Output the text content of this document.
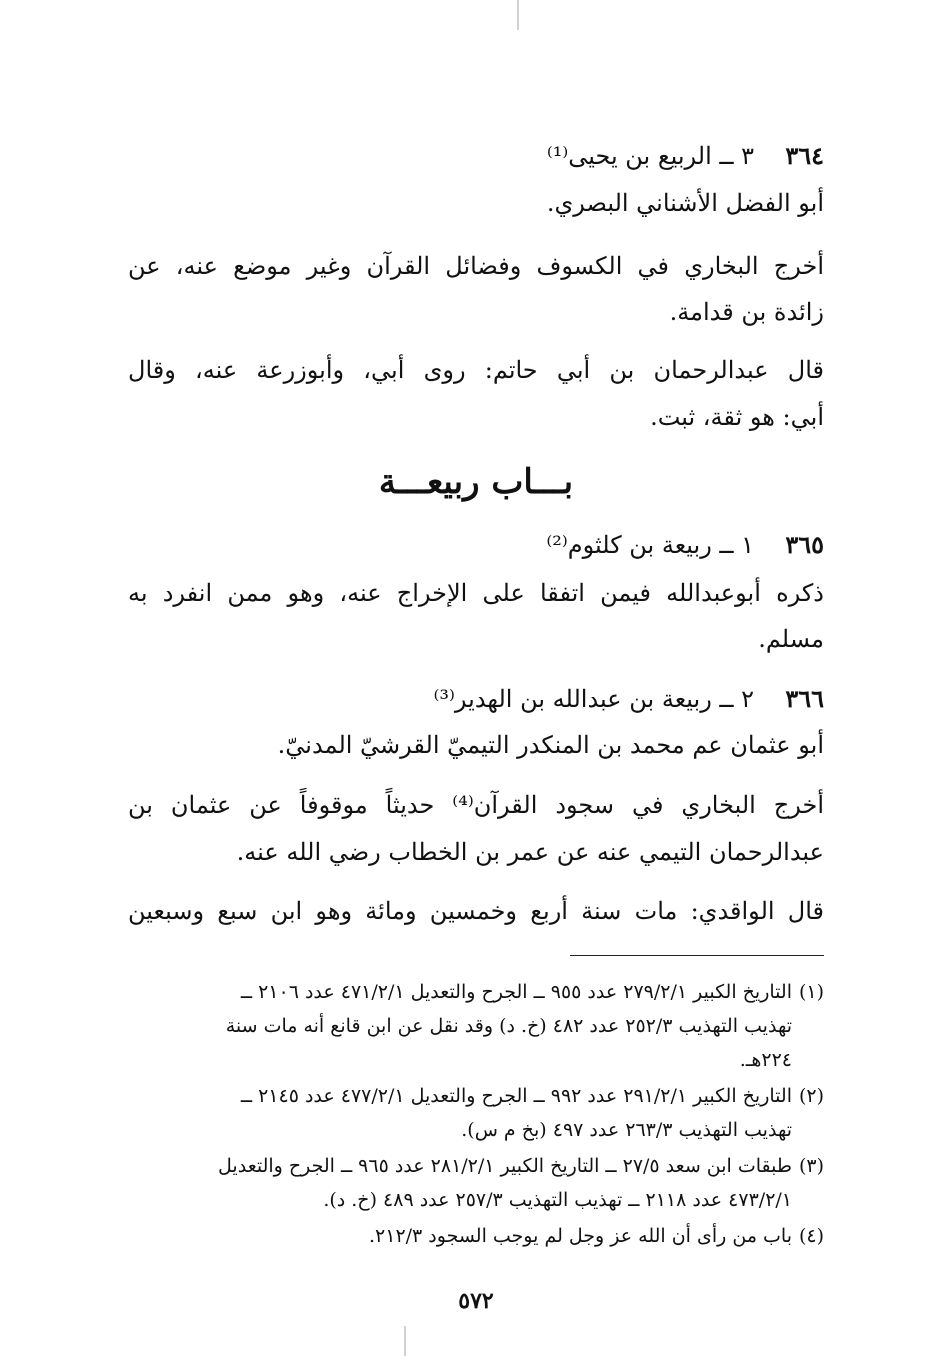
٣٦٤
٣ ــ الربيع بن يحيى⁽¹⁾
أبو الفضل الأشناني البصري.
أخرج البخاري في الكسوف وفضائل القرآن وغير موضع عنه، عن
زائدة بن قدامة.
قال عبدالرحمان بن أبي حاتم: روى أبي، وأبوزرعة عنه، وقال
أبي: هو ثقة، ثبت.
بـــاب ربيعـــة
٣٦٥
١ ــ ربيعة بن كلثوم⁽²⁾
ذكره أبوعبدالله فيمن اتفقا على الإخراج عنه، وهو ممن انفرد به
مسلم.
٣٦٦
٢ ــ ربيعة بن عبدالله بن الهدير⁽³⁾
أبو عثمان عم محمد بن المنكدر التيميّ القرشيّ المدنيّ.
أخرج البخاري في سجود القرآن⁽⁴⁾ حديثاً موقوفاً عن عثمان بن
عبدالرحمان التيمي عنه عن عمر بن الخطاب رضي الله عنه.
قال الواقدي: مات سنة أربع وخمسين ومائة وهو ابن سبع وسبعين
(١)التاريخ الكبير ٢٧٩/٢/١ عدد ٩٥٥ ــ الجرح والتعديل ٤٧١/٢/١ عدد ٢١٠٦ ــ
تهذيب التهذيب ٢٥٢/٣ عدد ٤٨٢ (خ. د) وقد نقل عن ابن قانع أنه مات سنة
٢٢٤هـ.
(٢)التاريخ الكبير ٢٩١/٢/١ عدد ٩٩٢ ــ الجرح والتعديل ٤٧٧/٢/١ عدد ٢١٤٥ ــ
تهذيب التهذيب ٢٦٣/٣ عدد ٤٩٧ (بخ م س).
(٣)طبقات ابن سعد ٢٧/٥ ــ التاريخ الكبير ٢٨١/٢/١ عدد ٩٦٥ ــ الجرح والتعديل
٤٧٣/٢/١ عدد ٢١١٨ ــ تهذيب التهذيب ٢٥٧/٣ عدد ٤٨٩ (خ. د).
(٤)باب من رأى أن الله عز وجل لم يوجب السجود ٢١٢/٣.
٥٧٢
